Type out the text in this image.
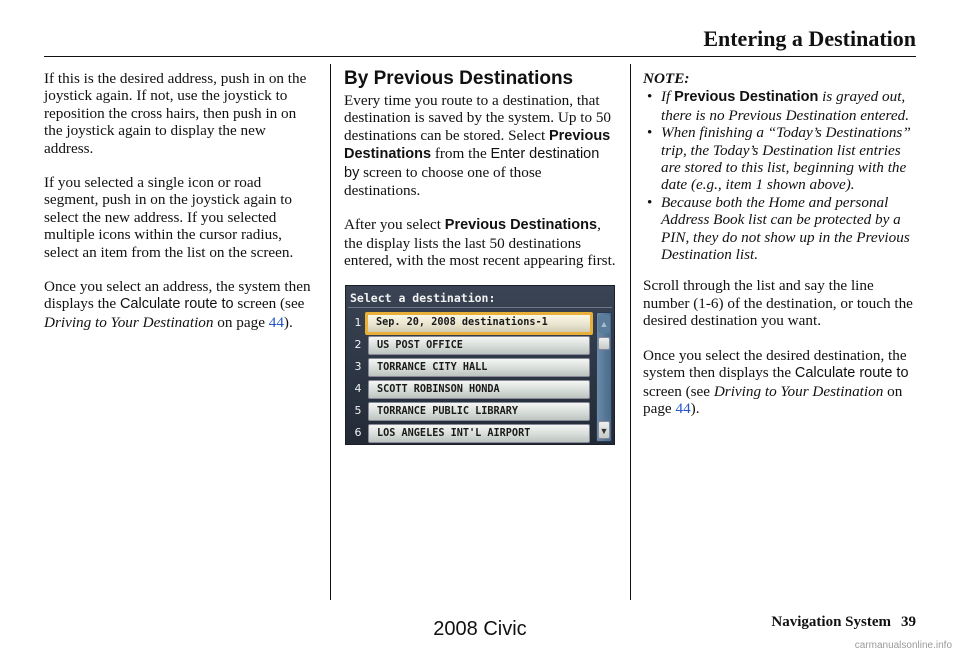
Entering a Destination

If this is the desired address, push in on the joystick again. If not, use the joystick to reposition the cross hairs, then push in on the joystick again to display the new address.

If you selected a single icon or road segment, push in on the joystick again to select the new address. If you selected multiple icons within the cursor radius, select an item from the list on the screen.

Once you select an address, the system then displays the Calculate route to screen (see Driving to Your Destination on page 44).

By Previous Destinations

Every time you route to a destination, that destination is saved by the system. Up to 50 destinations can be stored. Select Previous Destinations from the Enter destination by screen to choose one of those destinations.

After you select Previous Destinations, the display lists the last 50 destinations entered, with the most recent appearing first.

Select a destination:
1	Sep. 20, 2008 destinations-1
2	US POST OFFICE
3	TORRANCE CITY HALL
4	SCOTT ROBINSON HONDA
5	TORRANCE PUBLIC LIBRARY
6	LOS ANGELES INT'L AIRPORT
▲
▼
NOTE:
• If Previous Destination is grayed out, there is no Previous Destination entered.
• When finishing a “Today’s Destinations” trip, the Today’s Destination list entries are stored to this list, beginning with the date (e.g., item 1 shown above).
• Because both the Home and personal Address Book list can be protected by a PIN, they do not show up in the Previous Destination list.

Scroll through the list and say the line number (1-6) of the destination, or touch the desired destination you want.

Once you select the desired destination, the system then displays the Calculate route to screen (see Driving to Your Destination on page 44).

Navigation System 39
2008 Civic
carmanualsonline.info
